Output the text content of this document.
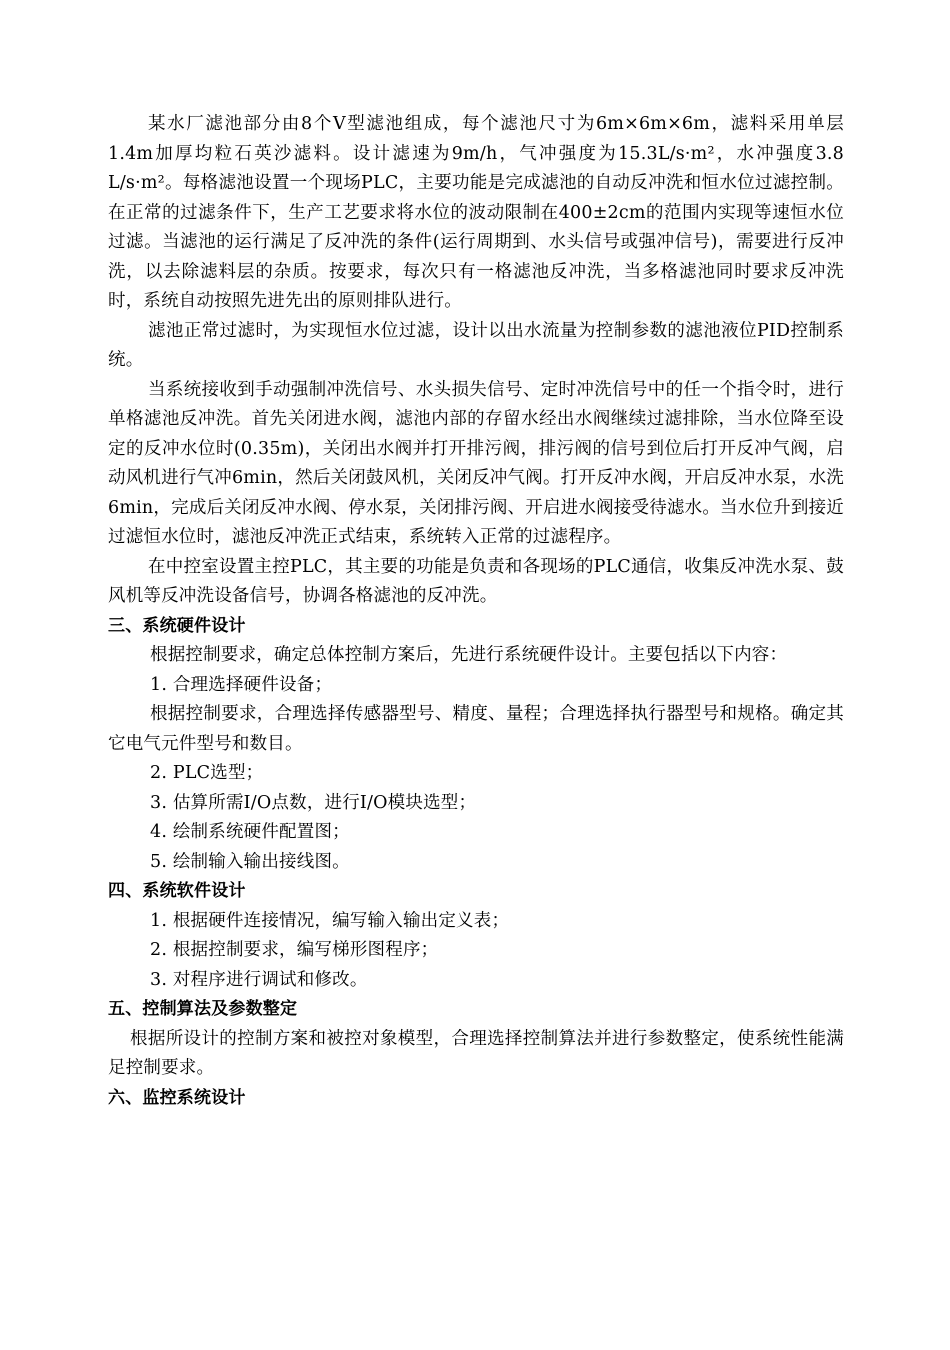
某水厂滤池部分由8个V型滤池组成，每个滤池尺寸为6m×6m×6m，滤料采用单层1.4m加厚均粒石英沙滤料。设计滤速为9m/h，气冲强度为15.3L/s·m²，水冲强度3.8 L/s·m²。每格滤池设置一个现场PLC，主要功能是完成滤池的自动反冲洗和恒水位过滤控制。在正常的过滤条件下，生产工艺要求将水位的波动限制在400±2cm的范围内实现等速恒水位过滤。当滤池的运行满足了反冲洗的条件(运行周期到、水头信号或强冲信号)，需要进行反冲洗，以去除滤料层的杂质。按要求，每次只有一格滤池反冲洗，当多格滤池同时要求反冲洗时，系统自动按照先进先出的原则排队进行。

滤池正常过滤时，为实现恒水位过滤，设计以出水流量为控制参数的滤池液位PID控制系统。

当系统接收到手动强制冲洗信号、水头损失信号、定时冲洗信号中的任一个指令时，进行单格滤池反冲洗。首先关闭进水阀，滤池内部的存留水经出水阀继续过滤排除，当水位降至设定的反冲水位时(0.35m)，关闭出水阀并打开排污阀，排污阀的信号到位后打开反冲气阀，启动风机进行气冲6min，然后关闭鼓风机，关闭反冲气阀。打开反冲水阀，开启反冲水泵，水洗6min，完成后关闭反冲水阀、停水泵，关闭排污阀、开启进水阀接受待滤水。当水位升到接近过滤恒水位时，滤池反冲洗正式结束，系统转入正常的过滤程序。

在中控室设置主控PLC，其主要的功能是负责和各现场的PLC通信，收集反冲洗水泵、鼓风机等反冲洗设备信号，协调各格滤池的反冲洗。

三、系统硬件设计

根据控制要求，确定总体控制方案后，先进行系统硬件设计。主要包括以下内容：

1. 合理选择硬件设备；

根据控制要求，合理选择传感器型号、精度、量程；合理选择执行器型号和规格。确定其它电气元件型号和数目。

2. PLC选型；

3. 估算所需I/O点数，进行I/O模块选型；

4. 绘制系统硬件配置图；

5. 绘制输入输出接线图。

四、系统软件设计

1. 根据硬件连接情况，编写输入输出定义表；

2. 根据控制要求，编写梯形图程序；

3. 对程序进行调试和修改。

五、控制算法及参数整定

根据所设计的控制方案和被控对象模型，合理选择控制算法并进行参数整定，使系统性能满足控制要求。

六、监控系统设计
